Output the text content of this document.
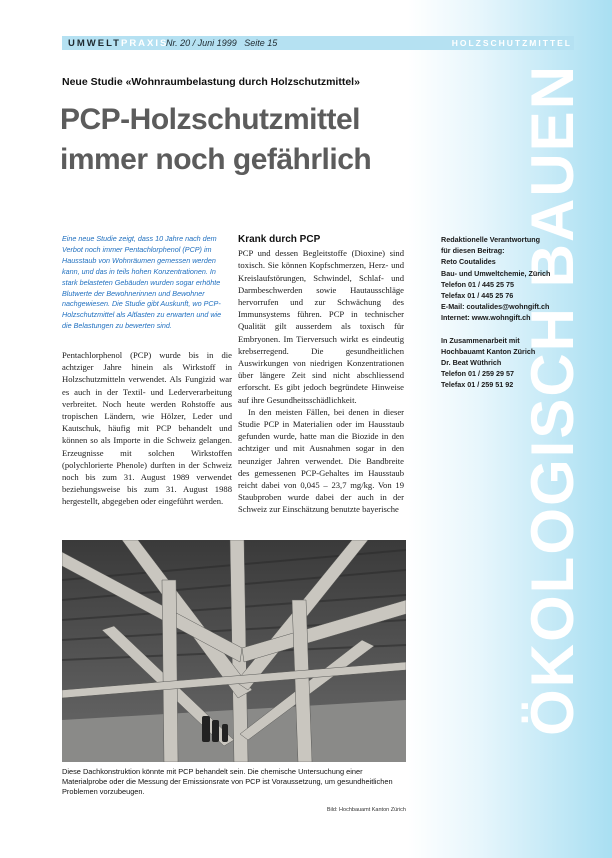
ÖKOLOGISCH BAUEN
UMWELTPRAXIS
Nr. 20 / Juni 1999   Seite 15	HOLZSCHUTZMITTEL
Neue Studie «Wohnraumbelastung durch Holzschutzmittel»
PCP-Holzschutzmittel
immer noch gefährlich
Eine neue Studie zeigt, dass 10 Jahre nach dem Verbot noch immer Pentachlorphenol (PCP) im Hausstaub von Wohnräumen gemessen werden kann, und das in teils hohen Konzentrationen. In stark belasteten Gebäuden wurden sogar erhöhte Blutwerte der Bewohnerinnen und Bewohner nachgewiesen. Die Studie gibt Auskunft, wo PCP-Holzschutzmittel als Altlasten zu erwarten und wie die Belastungen zu bewerten sind.
Pentachlorphenol (PCP) wurde bis in die achtziger Jahre hinein als Wirkstoff in Holzschutzmitteln verwendet. Als Fungizid war es auch in der Textil- und Lederverarbeitung verbreitet. Noch heute werden Rohstoffe aus tropischen Ländern, wie Hölzer, Leder und Kautschuk, häufig mit PCP behandelt und können so als Importe in die Schweiz gelangen. Erzeugnisse mit solchen Wirkstoffen (polychlorierte Phenole) durften in der Schweiz noch bis zum 31. August 1989 verwendet beziehungsweise bis zum 31. August 1988 hergestellt, abgegeben oder eingeführt werden.
Krank durch PCP

PCP und dessen Begleitstoffe (Dioxine) sind toxisch. Sie können Kopfschmerzen, Herz- und Kreislaufstörungen, Schwindel, Schlaf- und Darmbeschwerden sowie Hautausschläge hervorrufen und zur Schwächung des Immunsystems führen. PCP in technischer Qualität gilt ausserdem als toxisch für Embryonen. Im Tierversuch wirkt es eindeutig krebserregend. Die gesundheitlichen Auswirkungen von niedrigen Konzentrationen über längere Zeit sind nicht abschliessend erforscht. Es gibt jedoch begründete Hinweise auf ihre Gesundheitsschädlichkeit.

In den meisten Fällen, bei denen in dieser Studie PCP in Materialien oder im Hausstaub gefunden wurde, hatte man die Biozide in den achtziger und mit Ausnahmen sogar in den neunziger Jahren verwendet. Die Bandbreite des gemessenen PCP-Gehaltes im Hausstaub reicht dabei von 0,045 – 23,7 mg/kg. Von 19 Staubproben wurde dabei der auch in der Schweiz zur Einschätzung benutzte bayerische

Redaktionelle Verantwortung
für diesen Beitrag:
Reto Coutalides
Bau- und Umweltchemie, Zürich
Telefon 01 / 445 25 75
Telefax 01 / 445 25 76
E-Mail: coutalides@wohngift.ch
Internet: www.wohngift.ch
In Zusammenarbeit mit
Hochbauamt Kanton Zürich
Dr. Beat Wüthrich
Telefon 01 / 259 29 57
Telefax 01 / 259 51 92
Diese Dachkonstruktion könnte mit PCP behandelt sein. Die chemische Untersuchung einer Materialprobe oder die Messung der Emissionsrate von PCP ist Voraussetzung, um gesundheitlichen Problemen vorzubeugen.
Bild: Hochbauamt Kanton Zürich
